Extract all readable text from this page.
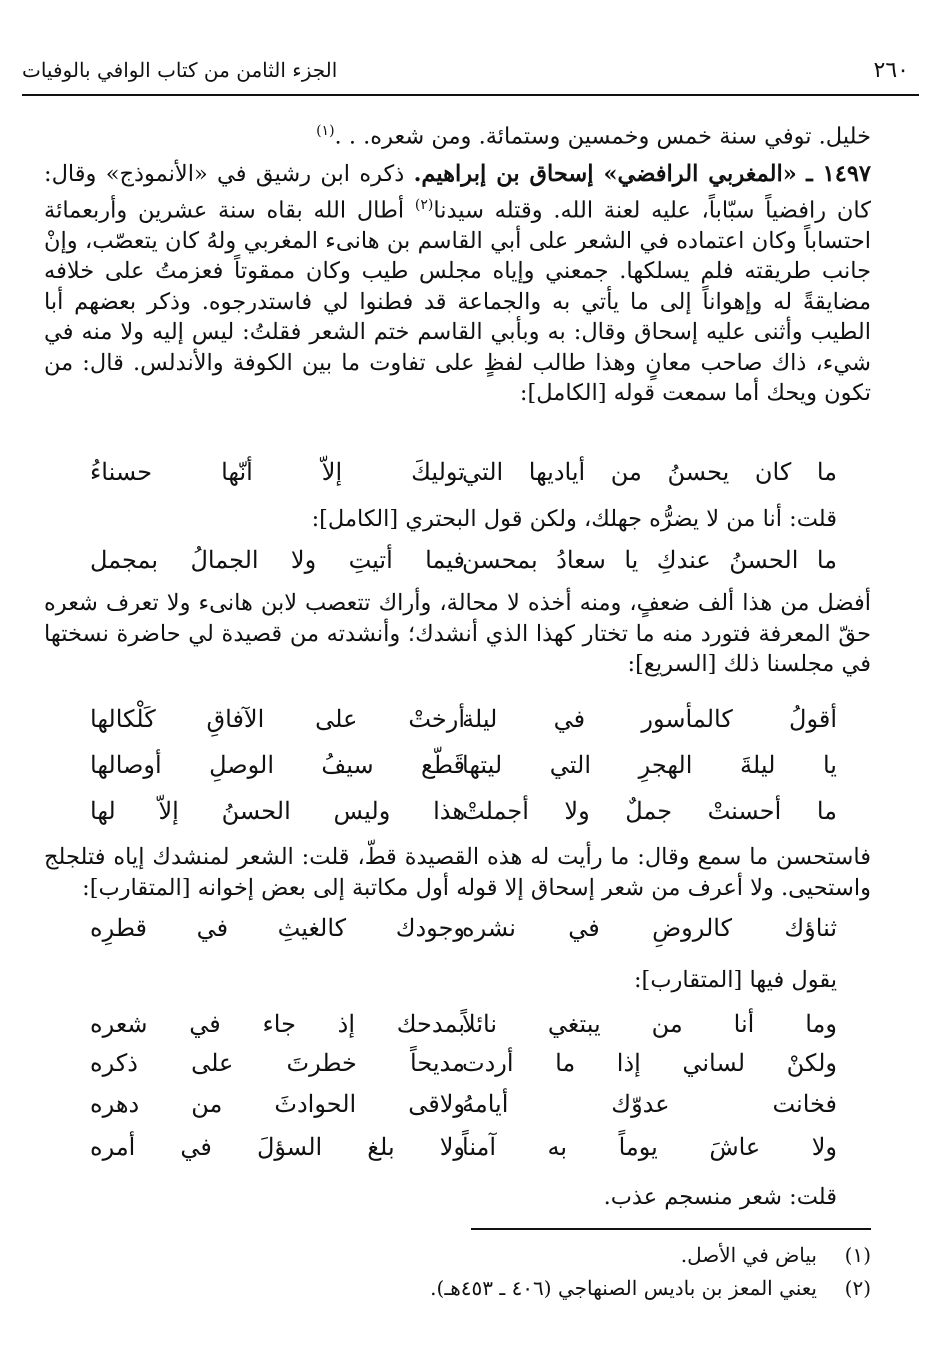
٢٦٠
الجزء الثامن من كتاب الوافي بالوفيات
خليل. توفي سنة خمس وخمسين وستمائة. ومن شعره. . .$^{(١)}$
١٤٩٧ ـ «المغربي الرافضي» إسحاق بن إبراهيم. ذكره ابن رشيق في «الأنموذج» وقال: كان رافضياً سبّاباً، عليه لعنة الله. وقتله سيدنا$^{(٢)}$ أطال الله بقاه سنة عشرين وأربعمائة احتساباً وكان اعتماده في الشعر على أبي القاسم بن هانىء المغربي ولهُ كان يتعصّب، وإنْ جانب طريقته فلم يسلكها. جمعني وإياه مجلس طيب وكان ممقوتاً فعزمتُ على خلافه مضايقةً له وإهواناً إلى ما يأتي به والجماعة قد فطنوا لي فاستدرجوه. وذكر بعضهم أبا الطيب وأثنى عليه إسحاق وقال: به وبأبي القاسم ختم الشعر فقلتُ: ليس إليه ولا منه في شيء، ذاك صاحب معانٍ وهذا طالب لفظٍ على تفاوت ما بين الكوفة والأندلس. قال: من تكون ويحك أما سمعت قوله [الكامل]:
ما كان يحسنُ من أياديها التي
توليكَ إلاّ أنّها حسناءُ
قلت: أنا من لا يضرُّه جهلك، ولكن قول البحتري [الكامل]:
ما الحسنُ عندكِ يا سعادُ بمحسن
فيما أتيتِ ولا الجمالُ بمجمل
أفضل من هذا ألف ضعفٍ، ومنه أخذه لا محالة، وأراك تتعصب لابن هانىء ولا تعرف شعره حقّ المعرفة فتورد منه ما تختار كهذا الذي أنشدك؛ وأنشدته من قصيدة لي حاضرة نسختها في مجلسنا ذلك [السريع]:
أقولُ كالمأسور في ليلة
أرختْ على الآفاقِ كَلْكالها
يا ليلةَ الهجرِ التي ليتها
قَطّع سيفُ الوصلِ أوصالها
ما أحسنتْ جملٌ ولا أجملتْ
هذا وليس الحسنُ إلاّ لها
فاستحسن ما سمع وقال: ما رأيت له هذه القصيدة قطّ، قلت: الشعر لمنشدك إياه فتلجلج واستحيى. ولا أعرف من شعر إسحاق إلا قوله أول مكاتبة إلى بعض إخوانه [المتقارب]:
ثناؤك كالروضِ في نشره
وجودك كالغيثِ في قطرِه
يقول فيها [المتقارب]:
وما أنا من يبتغي نائلاً
بمدحك إذ جاء في شعره
ولكنْ لساني إذا ما أردت
مديحاً خطرتَ على ذكره
فخانت عدوّك أيامهُ
ولاقى الحوادثَ من دهره
ولا عاشَ يوماً به آمناً
ولا بلغ السؤلَ في أمره
قلت: شعر منسجم عذب.
(١)بياض في الأصل.
(٢)يعني المعز بن باديس الصنهاجي (٤٠٦ ـ ٤٥٣هـ).
